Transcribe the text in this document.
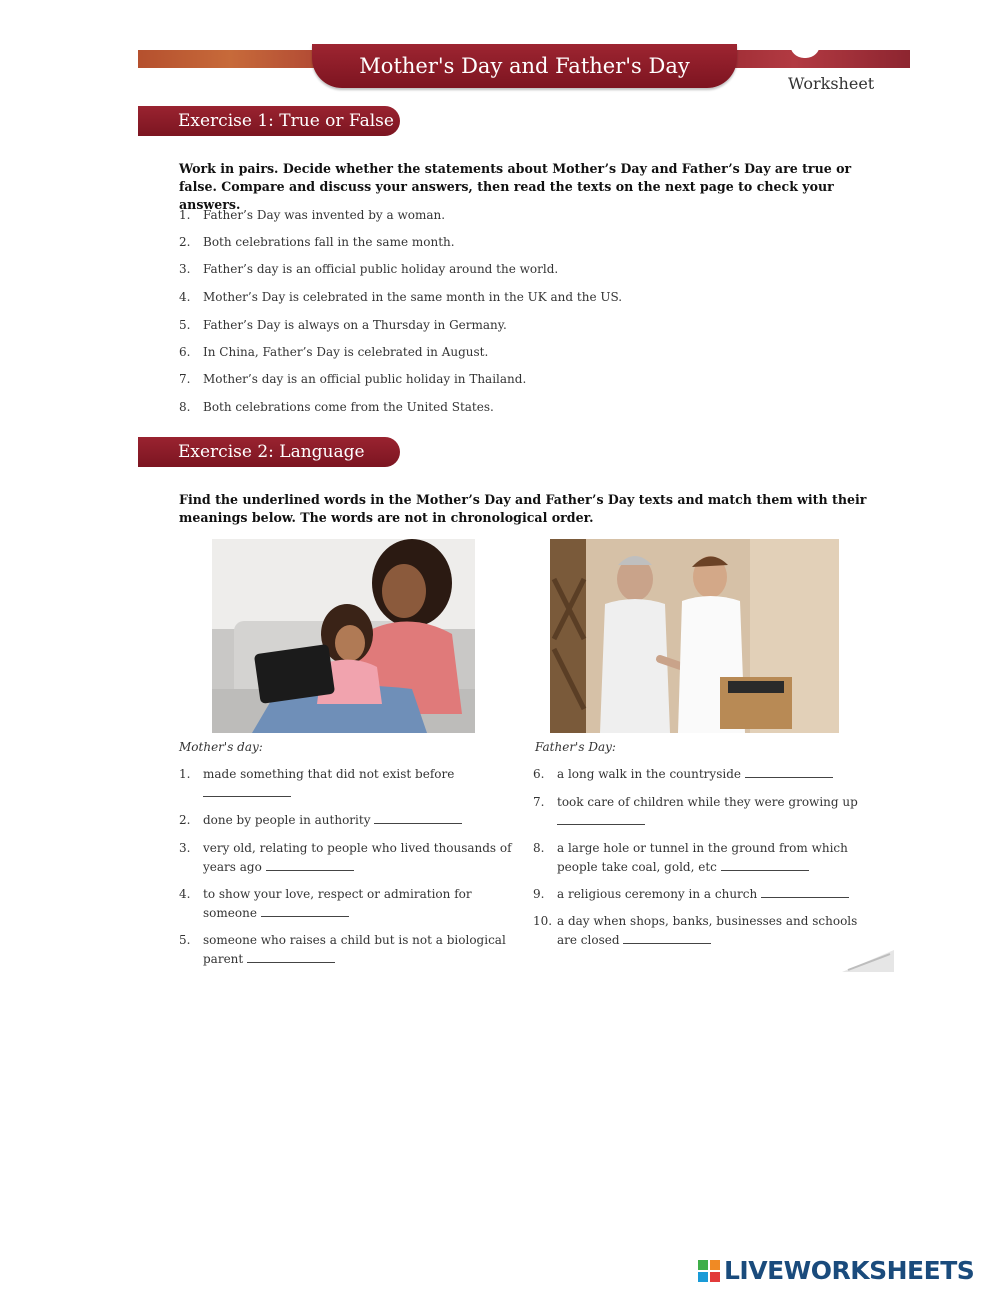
Mother's Day and Father's Day
Worksheet
Exercise 1: True or False
Work in pairs. Decide whether the statements about Mother’s Day and Father’s Day are true or false. Compare and discuss your answers, then read the texts on the next page to check your answers.
1. Father’s Day was invented by a woman.
2. Both celebrations fall in the same month.
3. Father’s day is an official public holiday around the world.
4. Mother’s Day is celebrated in the same month in the UK and the US.
5. Father’s Day is always on a Thursday in Germany.
6. In China, Father’s Day is celebrated in August.
7. Mother’s day is an official public holiday in Thailand.
8. Both celebrations come from the United States.
Exercise 2: Language
Find the underlined words in the Mother’s Day and Father’s Day texts and match them with their meanings below. The words are not in chronological order.
Mother's day:	Father's Day:
1.	made something that did not exist before

2.	done by people in authority
3.	very old, relating to people who lived thousands of years ago
4.	to show your love, respect or admiration for someone
5.	someone who raises a child but is not a biological parent
6.	a long walk in the countryside
7.	took care of children while they were growing up

8.	a large hole or tunnel in the ground from which people take coal, gold, etc
9.	a religious ceremony in a church
10. a day when shops, banks, businesses and schools are closed
LIVEWORKSHEETS
